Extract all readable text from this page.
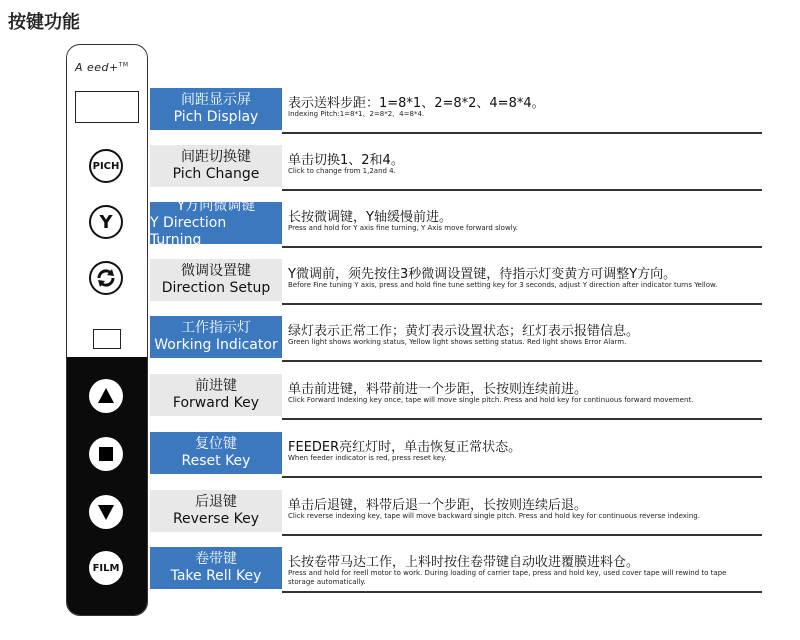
按键功能
A eed+™
PICH
Y
FILM
间距显示屏
Pich Display
表示送料步距：1=8*1、2=8*2、4=8*4。
Indexing Pitch:1=8*1、2=8*2、4=8*4.
间距切换键
Pich Change
单击切换1、2和4。
Click to change from 1,2and 4.
Y方向微调键
Y Direction Turning
长按微调键，Y轴缓慢前进。
Press and hold for Y axis fine turning, Y Axis move forward slowly.
微调设置键
Direction Setup
Y微调前，须先按住3秒微调设置键，待指示灯变黄方可调整Y方向。
Before Fine tuning Y axis, press and hold fine tune setting key for 3 seconds, adjust Y direction after indicator turns Yellow.
工作指示灯
Working Indicator
绿灯表示正常工作；黄灯表示设置状态；红灯表示报错信息。
Green light shows working status, Yellow light shows setting status. Red light shows Error Alarm.
前进键
Forward Key
单击前进键，料带前进一个步距，长按则连续前进。
Click Forward Indexing key once, tape will move single pitch. Press and hold key for continuous forward movement.
复位键
Reset Key
FEEDER亮红灯时，单击恢复正常状态。
When feeder indicator is red, press reset key.
后退键
Reverse Key
单击后退键，料带后退一个步距，长按则连续后退。
Click reverse indexing key, tape will move backward single pitch. Press and hold key for continuous reverse indexing.
卷带键
Take Rell Key
长按卷带马达工作，上料时按住卷带键自动收进覆膜进料仓。
Press and hold for reell motor to work. During loading of carrier tape, press and hold key, used cover tape will rewind to tape storage automatically.
